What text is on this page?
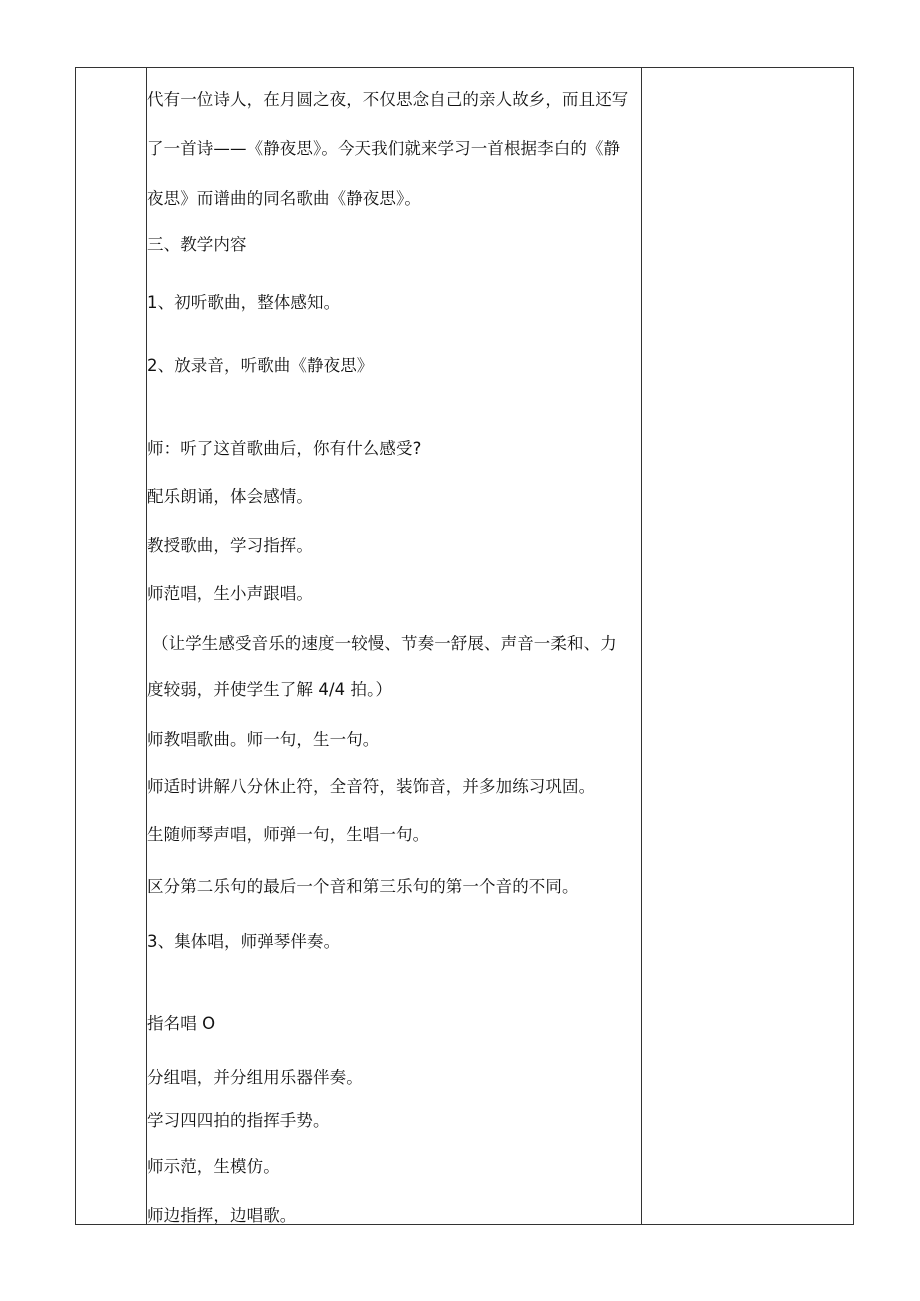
代有一位诗人，在月圆之夜，不仅思念自己的亲人故乡，而且还写
了一首诗——《静夜思》。今天我们就来学习一首根据李白的《静
夜思》而谱曲的同名歌曲《静夜思》。
三、教学内容
1、初听歌曲，整体感知。
2、放录音，听歌曲《静夜思》
师：听了这首歌曲后，你有什么感受?
配乐朗诵，体会感情。
教授歌曲，学习指挥。
师范唱，生小声跟唱。
（让学生感受音乐的速度一较慢、节奏一舒展、声音一柔和、力
度较弱，并使学生了解 4/4 拍。）
师教唱歌曲。师一句，生一句。
师适时讲解八分休止符，全音符，装饰音，并多加练习巩固。
生随师琴声唱，师弹一句，生唱一句。
区分第二乐句的最后一个音和第三乐句的第一个音的不同。
3、集体唱，师弹琴伴奏。
指名唱 O
分组唱，并分组用乐器伴奏。
学习四四拍的指挥手势。
师示范，生模仿。
师边指挥，边唱歌。
